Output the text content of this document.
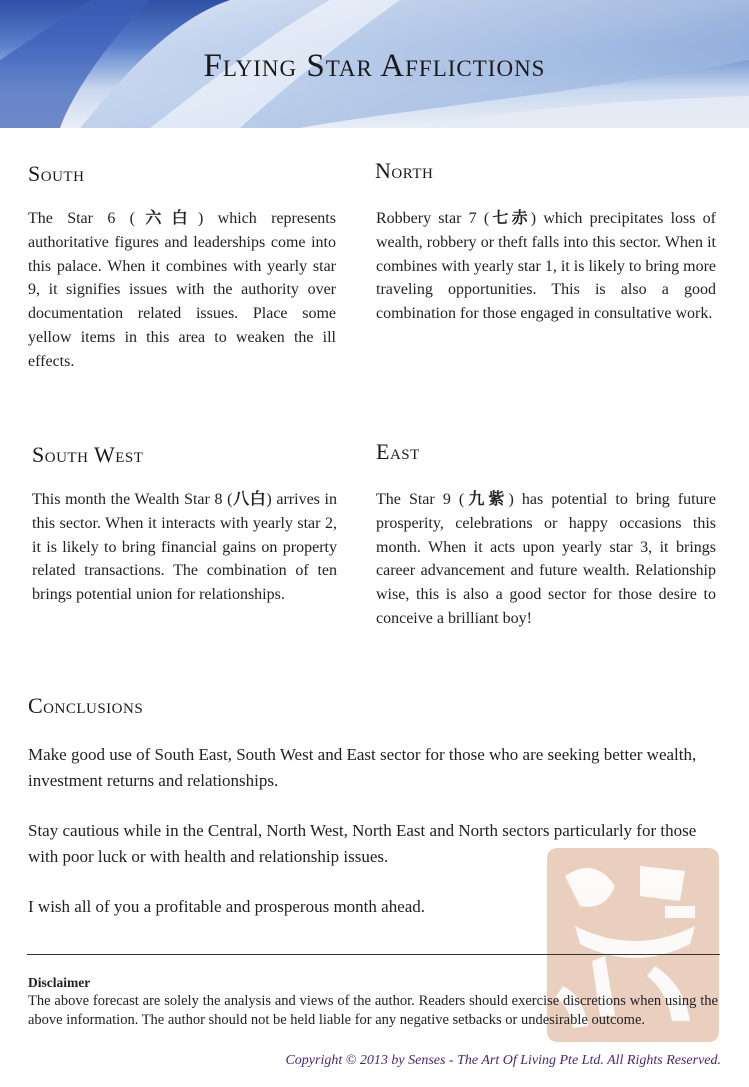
Flying Star Afflictions
South
The Star 6 (六白) which represents authoritative figures and leaderships come into this palace. When it combines with yearly star 9, it signifies issues with the authority over documentation related issues. Place some yellow items in this area to weaken the ill effects.
North
Robbery star 7 (七赤) which precipitates loss of wealth, robbery or theft falls into this sector. When it combines with yearly star 1, it is likely to bring more traveling opportunities. This is also a good combination for those engaged in consultative work.
South West
This month the Wealth Star 8 (八白) arrives in this sector. When it interacts with yearly star 2, it is likely to bring financial gains on property related transactions. The combination of ten brings potential union for relationships.
East
The Star 9 (九紫) has potential to bring future prosperity, celebrations or happy occasions this month. When it acts upon yearly star 3, it brings career advancement and future wealth. Relationship wise, this is also a good sector for those desire to conceive a brilliant boy!
Conclusions
Make good use of South East, South West and East sector for those who are seeking better wealth, investment returns and relationships.
Stay cautious while in the Central, North West, North East and North sectors particularly for those with poor luck or with health and relationship issues.
I wish all of you a profitable and prosperous month ahead.
Disclaimer
The above forecast are solely the analysis and views of the author. Readers should exercise discretions when using the above information. The author should not be held liable for any negative setbacks or undesirable outcome.
Copyright © 2013 by Senses - The Art Of Living Pte Ltd. All Rights Reserved.
